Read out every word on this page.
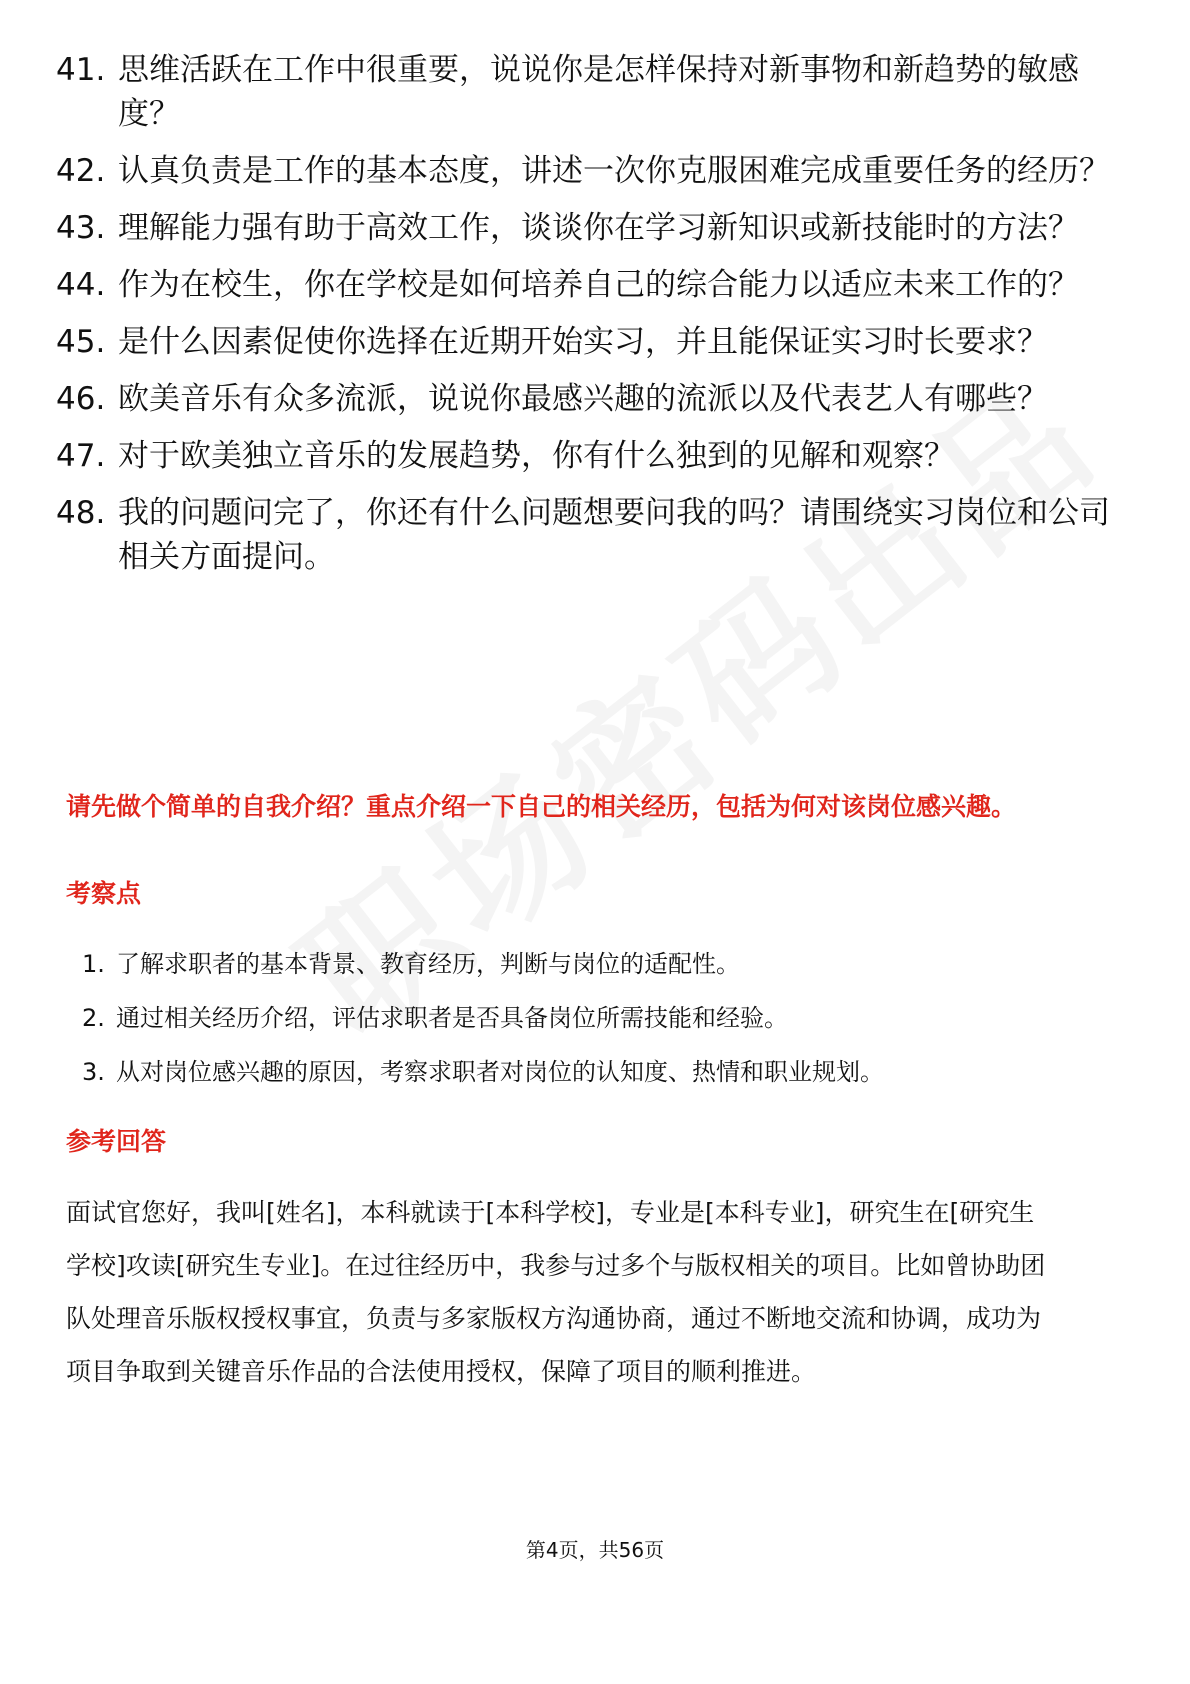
41. 思维活跃在工作中很重要，说说你是怎样保持对新事物和新趋势的敏感度？
42. 认真负责是工作的基本态度，讲述一次你克服困难完成重要任务的经历？
43. 理解能力强有助于高效工作，谈谈你在学习新知识或新技能时的方法？
44. 作为在校生，你在学校是如何培养自己的综合能力以适应未来工作的？
45. 是什么因素促使你选择在近期开始实习，并且能保证实习时长要求？
46. 欧美音乐有众多流派，说说你最感兴趣的流派以及代表艺人有哪些？
47. 对于欧美独立音乐的发展趋势，你有什么独到的见解和观察？
48. 我的问题问完了，你还有什么问题想要问我的吗？请围绕实习岗位和公司相关方面提问。
请先做个简单的自我介绍？重点介绍一下自己的相关经历，包括为何对该岗位感兴趣。
考察点
1. 了解求职者的基本背景、教育经历，判断与岗位的适配性。
2. 通过相关经历介绍，评估求职者是否具备岗位所需技能和经验。
3. 从对岗位感兴趣的原因，考察求职者对岗位的认知度、热情和职业规划。
参考回答
面试官您好，我叫[姓名]，本科就读于[本科学校]，专业是[本科专业]，研究生在[研究生学校]攻读[研究生专业]。在过往经历中，我参与过多个与版权相关的项目。比如曾协助团队处理音乐版权授权事宜，负责与多家版权方沟通协商，通过不断地交流和协调，成功为项目争取到关键音乐作品的合法使用授权，保障了项目的顺利推进。
第4页，共56页
